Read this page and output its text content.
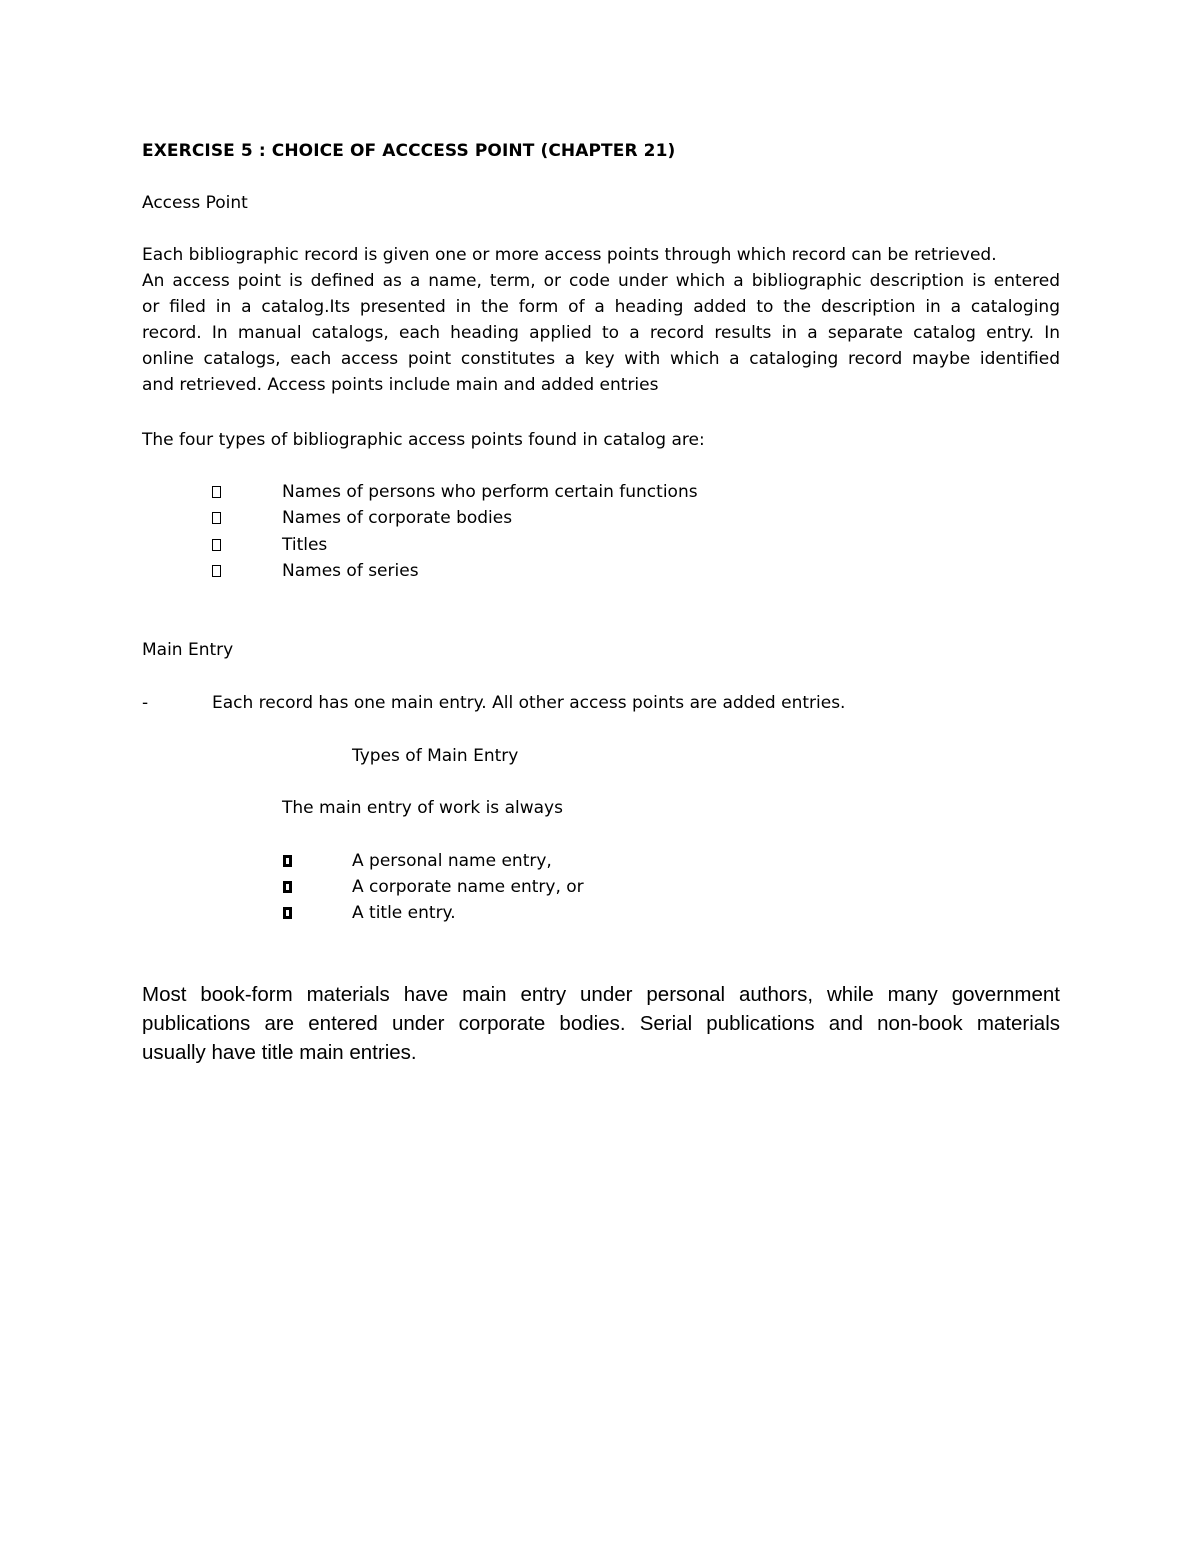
EXERCISE 5 : CHOICE OF ACCCESS POINT (CHAPTER 21)

Access Point

Each bibliographic record is given one or more access points through which record can be retrieved.
An access point is defined as a name, term, or code under which a bibliographic description is entered
or filed in a catalog.Its presented in the form of a heading added to the description in a cataloging
record. In manual catalogs, each heading applied to a record results in a separate catalog entry. In
online catalogs, each access point constitutes a key with which a cataloging record maybe identified
and retrieved. Access points include main and added entries

The four types of bibliographic access points found in catalog are:

Names of persons who perform certain functions
Names of corporate bodies
Titles
Names of series

Main Entry

-	Each record has one main entry. All other access points are added entries.

Types of Main Entry

The main entry of work is always

A personal name entry,
A corporate name entry, or
A title entry.
Most book-form materials have main entry under personal authors, while many government
publications are entered under corporate bodies. Serial publications and non-book materials
usually have title main entries.
